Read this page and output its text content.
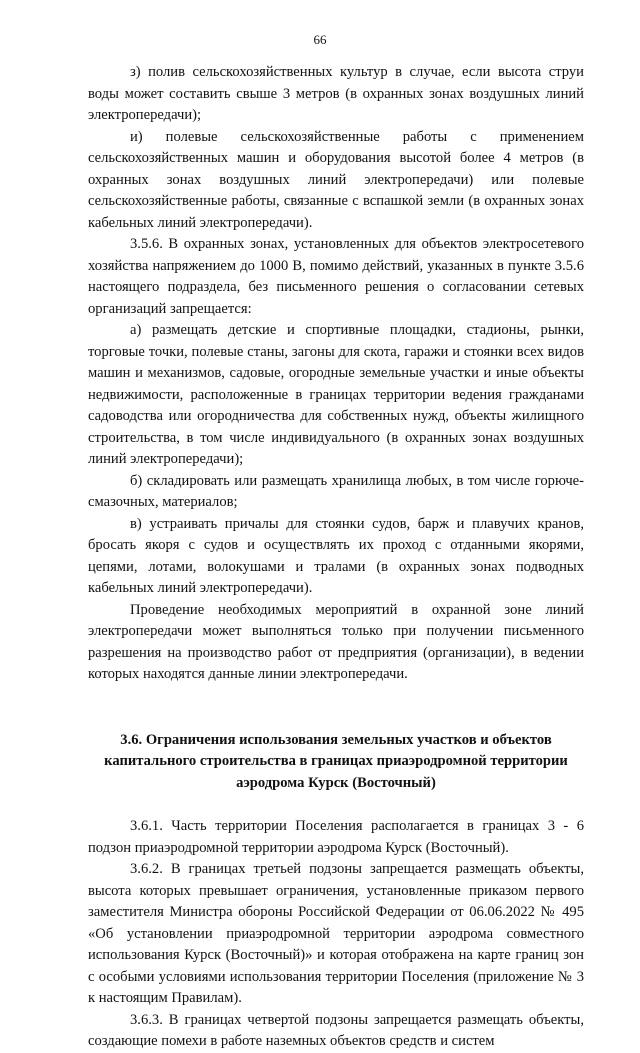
66

з) полив сельскохозяйственных культур в случае, если высота струи воды может составить свыше 3 метров (в охранных зонах воздушных линий электропередачи);

и) полевые сельскохозяйственные работы с применением сельскохозяйственных машин и оборудования высотой более 4 метров (в охранных зонах воздушных линий электропередачи) или полевые сельскохозяйственные работы, связанные с вспашкой земли (в охранных зонах кабельных линий электропередачи).

3.5.6. В охранных зонах, установленных для объектов электросетевого хозяйства напряжением до 1000 В, помимо действий, указанных в пункте 3.5.6 настоящего подраздела, без письменного решения о согласовании сетевых организаций запрещается:

а) размещать детские и спортивные площадки, стадионы, рынки, торговые точки, полевые станы, загоны для скота, гаражи и стоянки всех видов машин и механизмов, садовые, огородные земельные участки и иные объекты недвижимости, расположенные в границах территории ведения гражданами садоводства или огородничества для собственных нужд, объекты жилищного строительства, в том числе индивидуального (в охранных зонах воздушных линий электропередачи);

б) складировать или размещать хранилища любых, в том числе горюче-смазочных, материалов;

в) устраивать причалы для стоянки судов, барж и плавучих кранов, бросать якоря с судов и осуществлять их проход с отданными якорями, цепями, лотами, волокушами и тралами (в охранных зонах подводных кабельных линий электропередачи).

Проведение необходимых мероприятий в охранной зоне линий электропередачи может выполняться только при получении письменного разрешения на производство работ от предприятия (организации), в ведении которых находятся данные линии электропередачи.

3.6. Ограничения использования земельных участков и объектов
капитального строительства в границах приаэродромной территории
аэродрома Курск (Восточный)

3.6.1. Часть территории Поселения располагается в границах 3 - 6 подзон приаэродромной территории аэродрома Курск (Восточный).

3.6.2. В границах третьей подзоны запрещается размещать объекты, высота которых превышает ограничения, установленные приказом первого заместителя Министра обороны Российской Федерации от 06.06.2022 № 495 «Об установлении приаэродромной территории аэродрома совместного использования Курск (Восточный)» и которая отображена на карте границ зон с особыми условиями использования территории Поселения (приложение № 3 к настоящим Правилам).

3.6.3. В границах четвертой подзоны запрещается размещать объекты, создающие помехи в работе наземных объектов средств и систем
